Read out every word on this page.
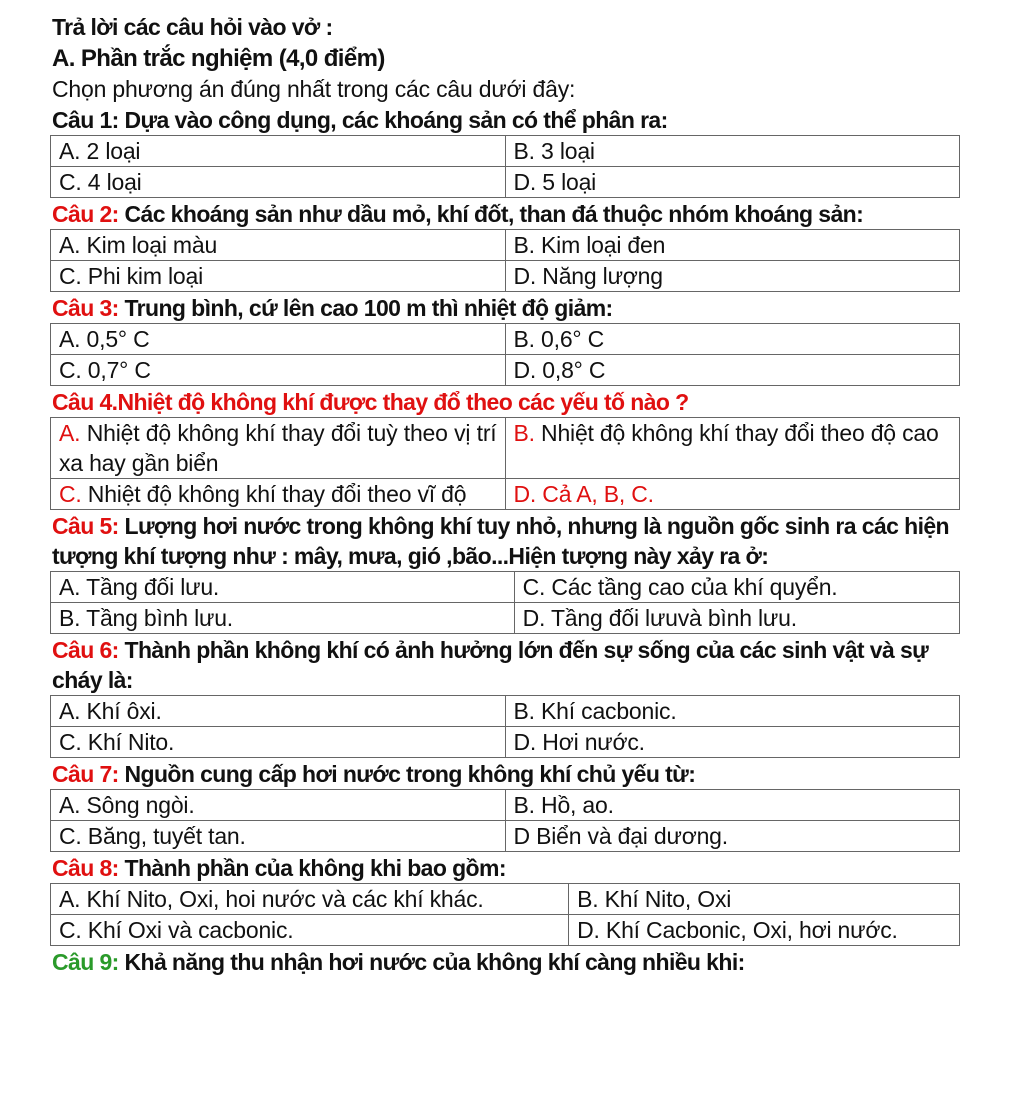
Trả lời các câu hỏi vào vở :
A. Phần trắc nghiệm (4,0 điểm)
Chọn phương án đúng nhất trong các câu dưới đây:
Câu 1: Dựa vào công dụng, các khoáng sản có thể phân ra:
A. 2 loại	B. 3 loại
C. 4 loại	D. 5 loại
Câu 2: Các khoáng sản như dầu mỏ, khí đốt, than đá thuộc nhóm khoáng sản:
A. Kim loại màu	B. Kim loại đen
C. Phi kim loại	D. Năng lượng
Câu 3: Trung bình, cứ lên cao 100 m thì nhiệt độ giảm:
A. 0,5° C	B. 0,6° C
C. 0,7° C	D. 0,8° C
Câu 4.Nhiệt độ không khí được thay đổ theo các yếu tố nào ?
A. Nhiệt độ không khí thay đổi tuỳ theo vị trí xa hay gần biển	B. Nhiệt độ không khí thay đổi theo độ cao
C. Nhiệt độ không khí thay đổi theo vĩ độ	D. Cả A, B, C.
Câu 5: Lượng hơi nước trong không khí tuy nhỏ, nhưng là nguồn gốc sinh ra các hiện tượng khí tượng như : mây, mưa, gió ,bão...Hiện tượng này xảy ra ở:
A. Tầng đối lưu.	C. Các tầng cao của khí quyển.
B. Tầng bình lưu.	D. Tầng đối lưuvà bình lưu.
Câu 6: Thành phần không khí có ảnh hưởng lớn đến sự sống của các sinh vật và sự cháy là:
A. Khí ôxi.	B. Khí cacbonic.
C. Khí Nito.	D. Hơi nước.
Câu 7: Nguồn cung cấp hơi nước trong không khí chủ yếu từ:
A. Sông ngòi.	B. Hồ, ao.
C. Băng, tuyết tan.	D Biển và đại dương.
Câu 8: Thành phần của không khi bao gồm:
A. Khí Nito, Oxi, hoi nước và các khí khác.	B. Khí Nito, Oxi
C. Khí Oxi và cacbonic.	D. Khí Cacbonic, Oxi, hơi nước.
Câu 9: Khả năng thu nhận hơi nước của không khí càng nhiều khi:
